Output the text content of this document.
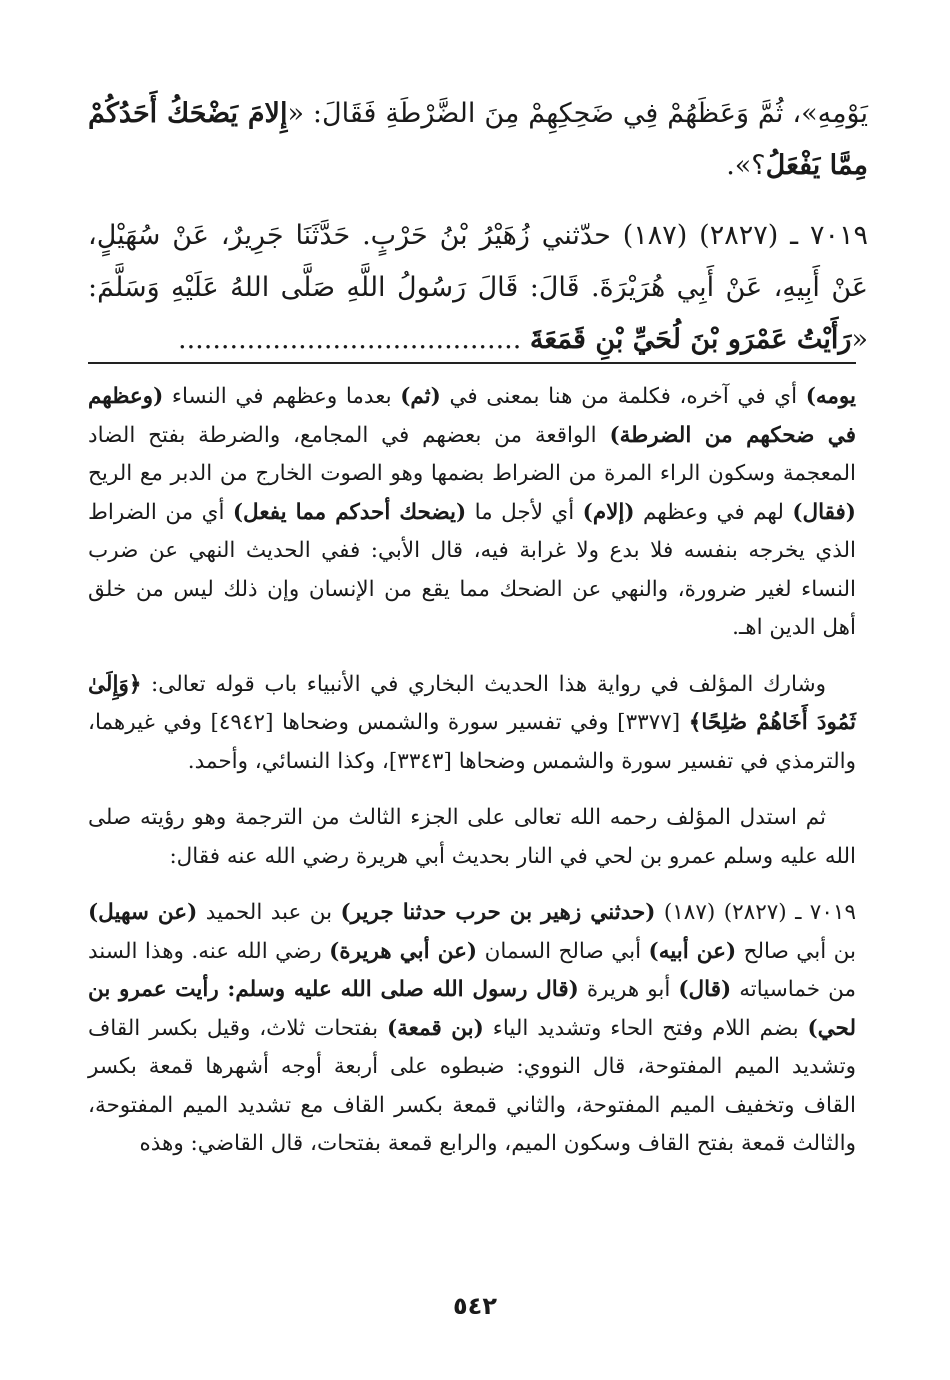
يَوْمِهِ»، ثُمَّ وَعَظَهُمْ فِي ضَحِكِهِمْ مِنَ الضَّرْطَةِ فَقَالَ: «إِلامَ يَضْحَكُ أَحَدُكُمْ مِمَّا يَفْعَلُ؟».

٧٠١٩ ـ (٢٨٢٧) (١٨٧) حدّثني زُهَيْرُ بْنُ حَرْبٍ. حَدَّثَنَا جَرِيرٌ، عَنْ سُهَيْلٍ، عَنْ أَبِيهِ، عَنْ أَبِي هُرَيْرَةَ. قَالَ: قَالَ رَسُولُ اللَّهِ صَلَّى اللهُ عَلَيْهِ وَسَلَّمَ: «رَأَيْتُ عَمْرَو بْنَ لُحَيِّ بْنِ قَمَعَةَ ........................................

يومه) أي في آخره، فكلمة من هنا بمعنى في (ثم) بعدما وعظهم في النساء (وعظهم في ضحكهم من الضرطة) الواقعة من بعضهم في المجامع، والضرطة بفتح الضاد المعجمة وسكون الراء المرة من الضراط بضمها وهو الصوت الخارج من الدبر مع الريح (فقال) لهم في وعظهم (إلام) أي لأجل ما (يضحك أحدكم مما يفعل) أي من الضراط الذي يخرجه بنفسه فلا بدع ولا غرابة فيه، قال الأبي: ففي الحديث النهي عن ضرب النساء لغير ضرورة، والنهي عن الضحك مما يقع من الإنسان وإن ذلك ليس من خلق أهل الدين اهـ.

وشارك المؤلف في رواية هذا الحديث البخاري في الأنبياء باب قوله تعالى: ﴿وَإِلَىٰ ثَمُودَ أَخَاهُمْ صَٰلِحًا﴾ [٣٣٧٧] وفي تفسير سورة والشمس وضحاها [٤٩٤٢] وفي غيرهما، والترمذي في تفسير سورة والشمس وضحاها [٣٣٤٣]، وكذا النسائي، وأحمد.

ثم استدل المؤلف رحمه الله تعالى على الجزء الثالث من الترجمة وهو رؤيته صلى الله عليه وسلم عمرو بن لحي في النار بحديث أبي هريرة رضي الله عنه فقال:

٧٠١٩ ـ (٢٨٢٧) (١٨٧) (حدثني زهير بن حرب حدثنا جرير) بن عبد الحميد (عن سهيل) بن أبي صالح (عن أبيه) أبي صالح السمان (عن أبي هريرة) رضي الله عنه. وهذا السند من خماسياته (قال) أبو هريرة (قال رسول الله صلى الله عليه وسلم: رأيت عمرو بن لحي) بضم اللام وفتح الحاء وتشديد الياء (بن قمعة) بفتحات ثلاث، وقيل بكسر القاف وتشديد الميم المفتوحة، قال النووي: ضبطوه على أربعة أوجه أشهرها قمعة بكسر القاف وتخفيف الميم المفتوحة، والثاني قمعة بكسر القاف مع تشديد الميم المفتوحة، والثالث قمعة بفتح القاف وسكون الميم، والرابع قمعة بفتحات، قال القاضي: وهذه

٥٤٢
